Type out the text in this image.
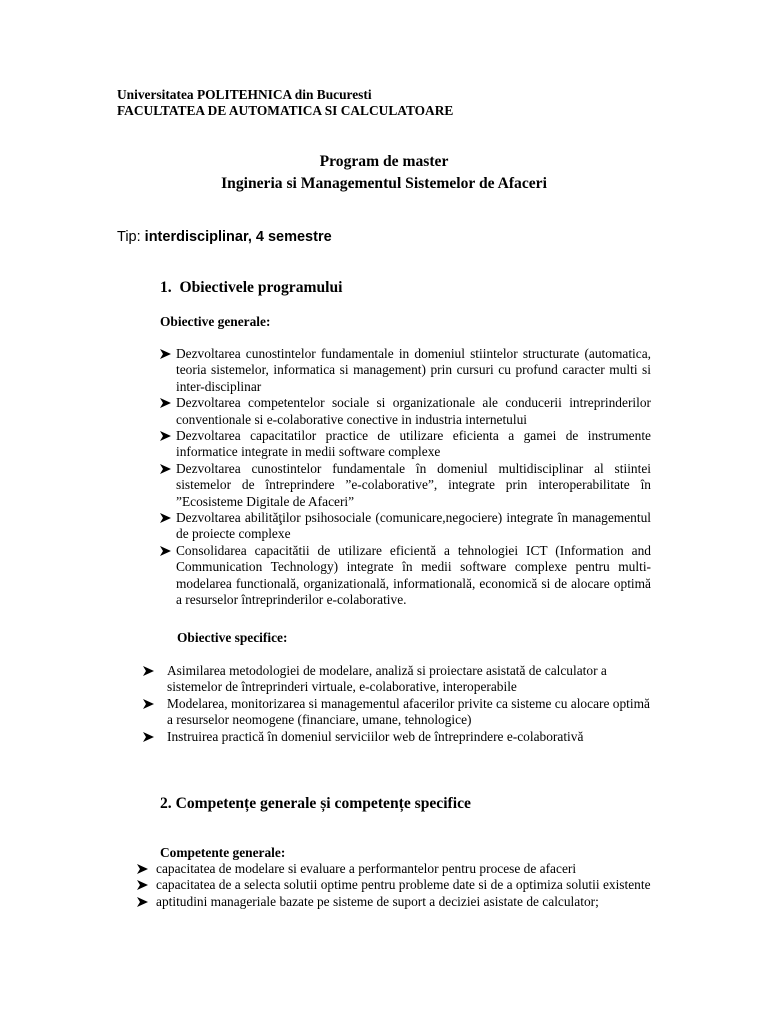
Universitatea POLITEHNICA din Bucuresti
FACULTATEA DE AUTOMATICA SI CALCULATOARE
Program de master
Ingineria si Managementul Sistemelor de Afaceri
Tip: interdisciplinar, 4 semestre
1. Obiectivele programului
Obiective generale:
Dezvoltarea cunostintelor fundamentale in domeniul stiintelor structurate (automatica, teoria sistemelor, informatica si management) prin cursuri cu profund caracter multi si inter-disciplinar
Dezvoltarea competentelor sociale si organizationale ale conducerii intreprinderilor conventionale si e-colaborative conective in industria internetului
Dezvoltarea capacitatilor practice de utilizare eficienta a gamei de instrumente informatice integrate in medii software complexe
Dezvoltarea cunostintelor fundamentale în domeniul multidisciplinar al stiintei sistemelor de întreprindere ”e-colaborative”, integrate prin interoperabilitate în ”Ecosisteme Digitale de Afaceri”
Dezvoltarea abilităţilor psihosociale (comunicare,negociere) integrate în managementul de proiecte complexe
Consolidarea capacitătii de utilizare eficientă a tehnologiei ICT (Information and Communication Technology) integrate în medii software complexe pentru multi-modelarea functională, organizatională, informatională, economică si de alocare optimă a resurselor întreprinderilor e-colaborative.
Obiective specifice:
Asimilarea metodologiei de modelare, analiză si proiectare asistată de calculator a sistemelor de întreprinderi virtuale, e-colaborative, interoperabile
Modelarea, monitorizarea si managementul afacerilor privite ca sisteme cu alocare optimă a resurselor neomogene (financiare, umane, tehnologice)
Instruirea practică în domeniul serviciilor web de întreprindere e-colaborativă
2. Competențe generale și competențe specifice
Competente generale:
capacitatea de modelare si evaluare a performantelor pentru procese de afaceri
capacitatea de a selecta solutii optime pentru probleme date si de a optimiza solutii existente
aptitudini manageriale bazate pe sisteme de suport a deciziei asistate de calculator;
